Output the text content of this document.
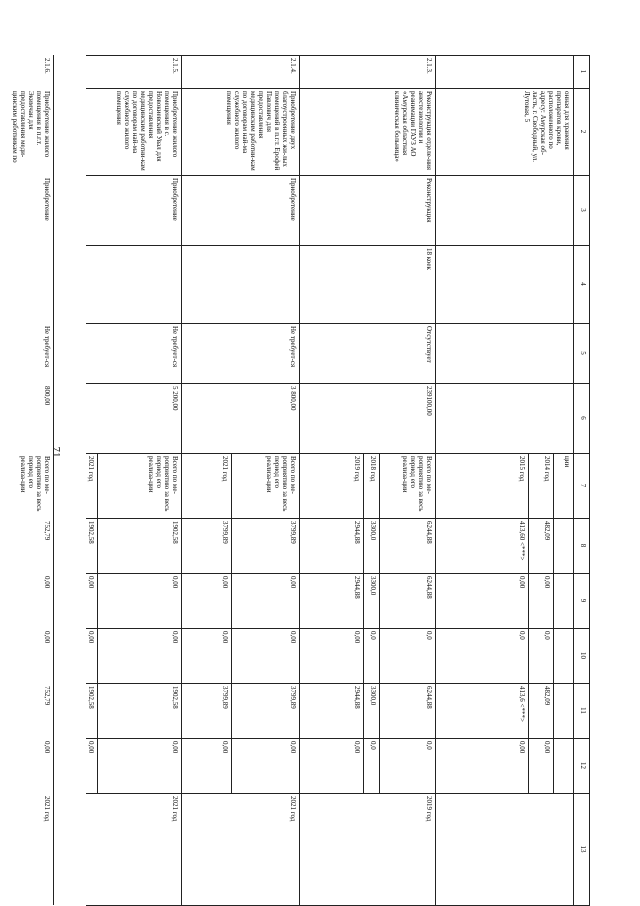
71
1
2
3
4
5
6
7
8
9
10
11
12
13
онная для хранения препаратов крови, расположенного по адресу: Амурская об-ласть, г. Свободный, ул. Лутовая, 5
ции
2014 год
482,09
0,00
0,0
482,09
0,00
2015 год
413,60 <***>
0,00
0,0
413,6 <***>
0,00
2.1.3.
Реконструкция отделе-ния анестезиологии и реанимации ГАУЗ АО «Амурская областная клиническая больница»
Реконструкция
18 коек
Отсутствует
239100,00
Всего по ме-роприятию за весь период его реализа-ции
6244,88
6244,88
0,0
6244,88
0,0
2019 год
2018 год
3300,0
3300,0
0,0
3300,0
0,0
2019 год
2944,88
2944,88
0,00
2944,88
0,00
2.1.4.
Приобретение двух благоустроенных жи-лых помещений в п.г.т. Ерофей Павлович для предоставления медицинским работни-кам по договорам най-ма служебного жилого помещения
Приобретение
Не требует-ся
3 800,00
Всего по ме-роприятию за весь период его реализа-ции
3799,89
0,00
0,00
3799,89
0,00
2021 год
2021 год
3799,89
0,00
0,00
3799,89
0,00
2.1.5.
Приобретение жилого помещения в с. Новокиевский Увал для предоставления медицинским работни-кам по договорам най-ма служебного жилого помещения
Приобретение
Не требует-ся
5 200,00
Всего по ме-роприятию за весь период его реализа-ции
1902,58
0,00
0,00
1902,58
0,00
2021 год
2021 год
1902,58
0,00
0,00
1902,58
0,00
2.1.6.
Приобретение жилого помещения в п.г.т. Экимчан для предоставления меди-цинским работникам по
Приобретение
Не требует-ся
800,00
Всего по ме-роприятию за весь период его реализа-ции
752,79
0,00
0,00
752,79
0,00
2021 год
